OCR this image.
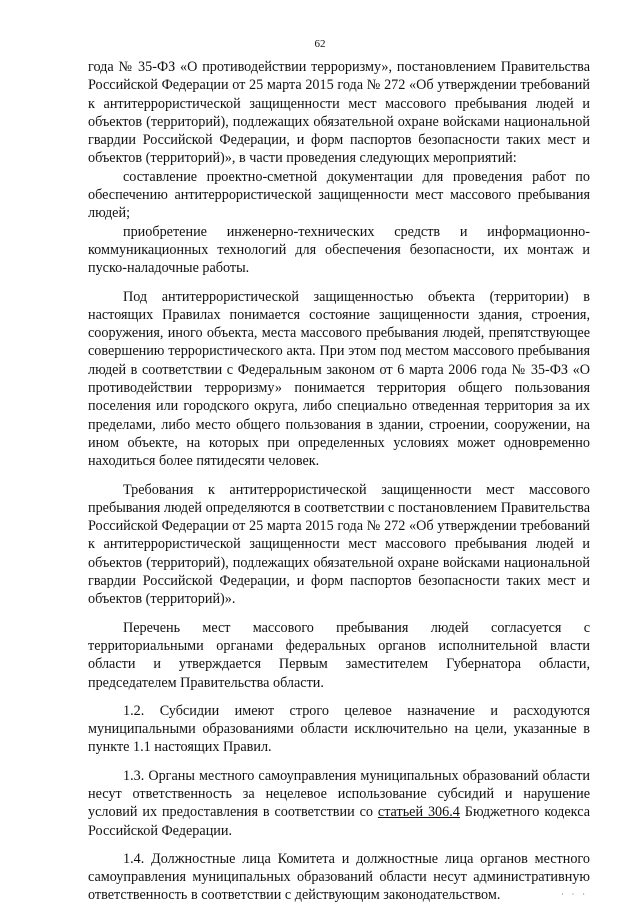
62

года № 35-ФЗ «О противодействии терроризму», постановлением Правительства Российской Федерации от 25 марта 2015 года № 272 «Об утверждении требований к антитеррористической защищенности мест массового пребывания людей и объектов (территорий), подлежащих обязательной охране войсками национальной гвардии Российской Федерации, и форм паспортов безопасности таких мест и объектов (территорий)», в части проведения следующих мероприятий:

составление проектно-сметной документации для проведения работ по обеспечению антитеррористической защищенности мест массового пребывания людей;

приобретение инженерно-технических средств и информационно-коммуникационных технологий для обеспечения безопасности, их монтаж и пуско-наладочные работы.

Под антитеррористической защищенностью объекта (территории) в настоящих Правилах понимается состояние защищенности здания, строения, сооружения, иного объекта, места массового пребывания людей, препятствующее совершению террористического акта. При этом под местом массового пребывания людей в соответствии с Федеральным законом от 6 марта 2006 года № 35-ФЗ «О противодействии терроризму» понимается территория общего пользования поселения или городского округа, либо специально отведенная территория за их пределами, либо место общего пользования в здании, строении, сооружении, на ином объекте, на которых при определенных условиях может одновременно находиться более пятидесяти человек.

Требования к антитеррористической защищенности мест массового пребывания людей определяются в соответствии с постановлением Правительства Российской Федерации от 25 марта 2015 года № 272 «Об утверждении требований к антитеррористической защищенности мест массового пребывания людей и объектов (территорий), подлежащих обязательной охране войсками национальной гвардии Российской Федерации, и форм паспортов безопасности таких мест и объектов (территорий)».

Перечень мест массового пребывания людей согласуется с территориальными органами федеральных органов исполнительной власти области и утверждается Первым заместителем Губернатора области, председателем Правительства области.

1.2. Субсидии имеют строго целевое назначение и расходуются муниципальными образованиями области исключительно на цели, указанные в пункте 1.1 настоящих Правил.

1.3. Органы местного самоуправления муниципальных образований области несут ответственность за нецелевое использование субсидий и нарушение условий их предоставления в соответствии со статьей 306.4 Бюджетного кодекса Российской Федерации.

1.4. Должностные лица Комитета и должностные лица органов местного самоуправления муниципальных образований области несут административную ответственность в соответствии с действующим законодательством.	· · ·
